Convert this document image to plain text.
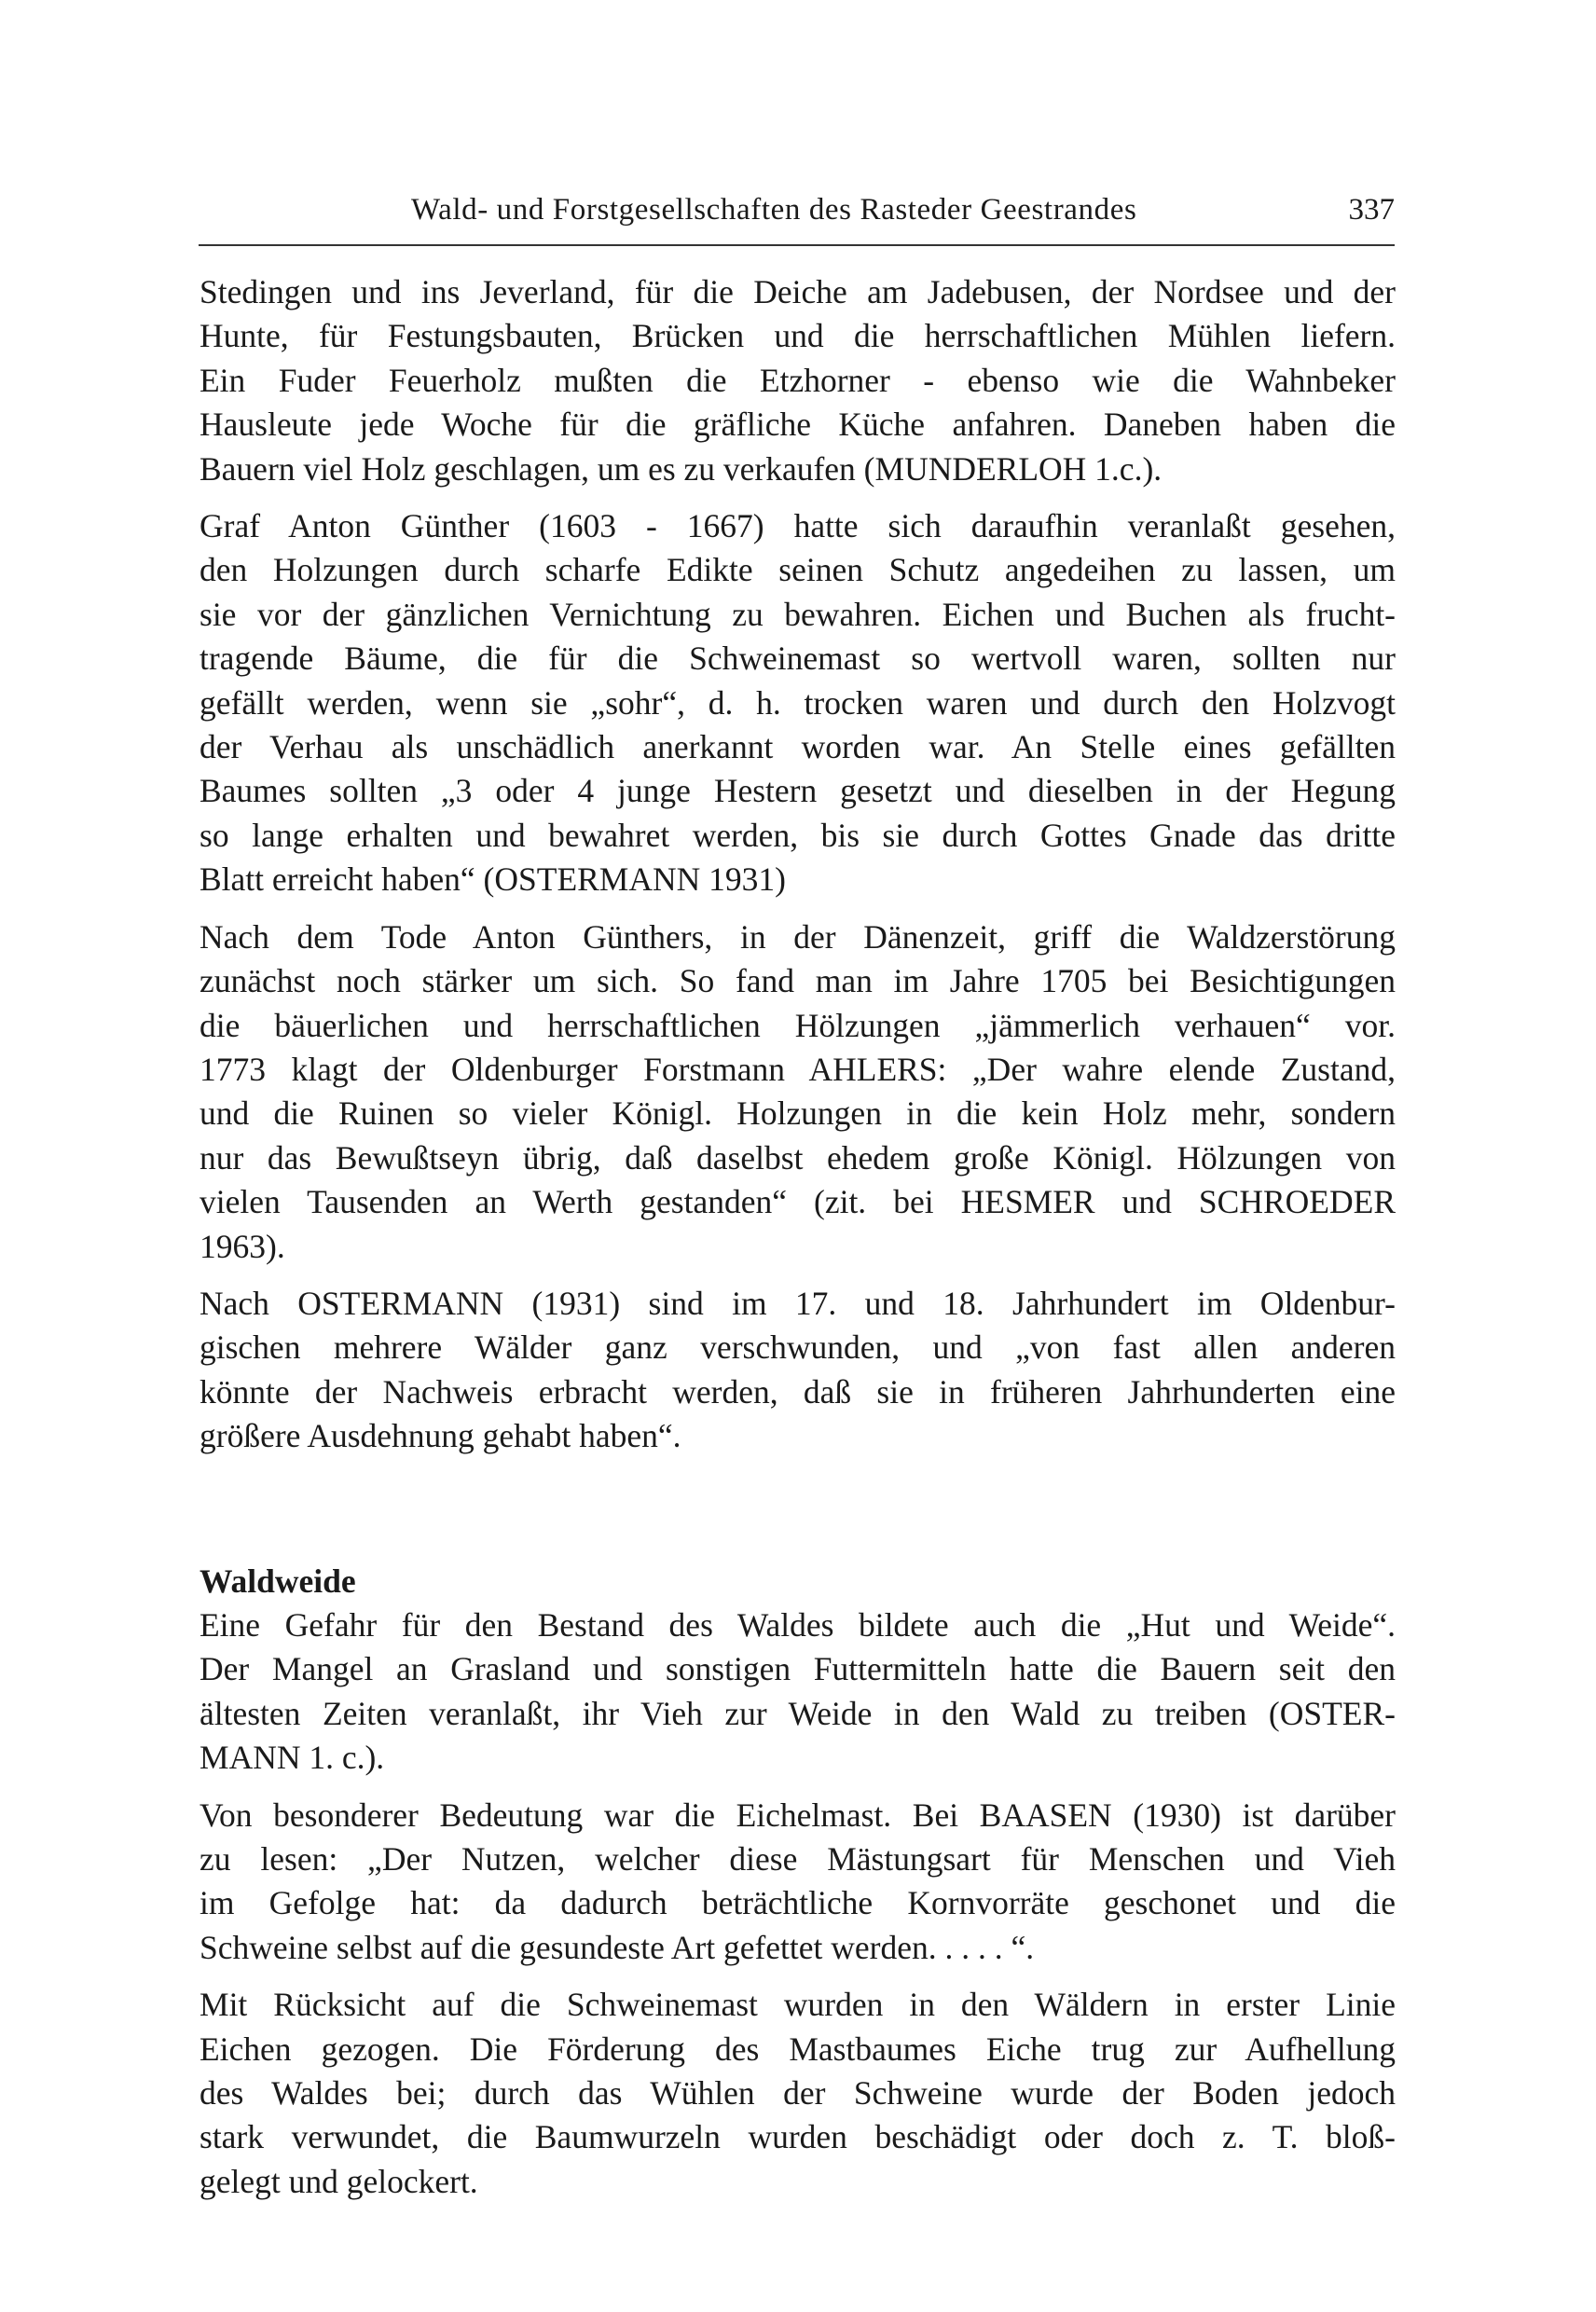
Wald- und Forstgesellschaften des Rasteder Geestrandes	337
Stedingen und ins Jeverland, für die Deiche am Jadebusen, der Nordsee und der
Hunte, für Festungsbauten, Brücken und die herrschaftlichen Mühlen liefern.
Ein Fuder Feuerholz mußten die Etzhorner - ebenso wie die Wahnbeker
Hausleute jede Woche für die gräfliche Küche anfahren. Daneben haben die
Bauern viel Holz geschlagen, um es zu verkaufen (MUNDERLOH 1.c.).
Graf Anton Günther (1603 - 1667) hatte sich daraufhin veranlaßt gesehen,
den Holzungen durch scharfe Edikte seinen Schutz angedeihen zu lassen, um
sie vor der gänzlichen Vernichtung zu bewahren. Eichen und Buchen als frucht-
tragende Bäume, die für die Schweinemast so wertvoll waren, sollten nur
gefällt werden, wenn sie „sohr“, d. h. trocken waren und durch den Holzvogt
der Verhau als unschädlich anerkannt worden war. An Stelle eines gefällten
Baumes sollten „3 oder 4 junge Hestern gesetzt und dieselben in der Hegung
so lange erhalten und bewahret werden, bis sie durch Gottes Gnade das dritte
Blatt erreicht haben“ (OSTERMANN 1931)
Nach dem Tode Anton Günthers, in der Dänenzeit, griff die Waldzerstörung
zunächst noch stärker um sich. So fand man im Jahre 1705 bei Besichtigungen
die bäuerlichen und herrschaftlichen Hölzungen „jämmerlich verhauen“ vor.
1773 klagt der Oldenburger Forstmann AHLERS: „Der wahre elende Zustand,
und die Ruinen so vieler Königl. Holzungen in die kein Holz mehr, sondern
nur das Bewußtseyn übrig, daß daselbst ehedem große Königl. Hölzungen von
vielen Tausenden an Werth gestanden“ (zit. bei HESMER und SCHROEDER
1963).
Nach OSTERMANN (1931) sind im 17. und 18. Jahrhundert im Oldenbur-
gischen mehrere Wälder ganz verschwunden, und „von fast allen anderen
könnte der Nachweis erbracht werden, daß sie in früheren Jahrhunderten eine
größere Ausdehnung gehabt haben“.
Waldweide
Eine Gefahr für den Bestand des Waldes bildete auch die „Hut und Weide“.
Der Mangel an Grasland und sonstigen Futtermitteln hatte die Bauern seit den
ältesten Zeiten veranlaßt, ihr Vieh zur Weide in den Wald zu treiben (OSTER-
MANN 1. c.).
Von besonderer Bedeutung war die Eichelmast. Bei BAASEN (1930) ist darüber
zu lesen: „Der Nutzen, welcher diese Mästungsart für Menschen und Vieh
im Gefolge hat: da dadurch beträchtliche Kornvorräte geschonet und die
Schweine selbst auf die gesundeste Art gefettet werden. . . . . “.
Mit Rücksicht auf die Schweinemast wurden in den Wäldern in erster Linie
Eichen gezogen. Die Förderung des Mastbaumes Eiche trug zur Aufhellung
des Waldes bei; durch das Wühlen der Schweine wurde der Boden jedoch
stark verwundet, die Baumwurzeln wurden beschädigt oder doch z. T. bloß-
gelegt und gelockert.
